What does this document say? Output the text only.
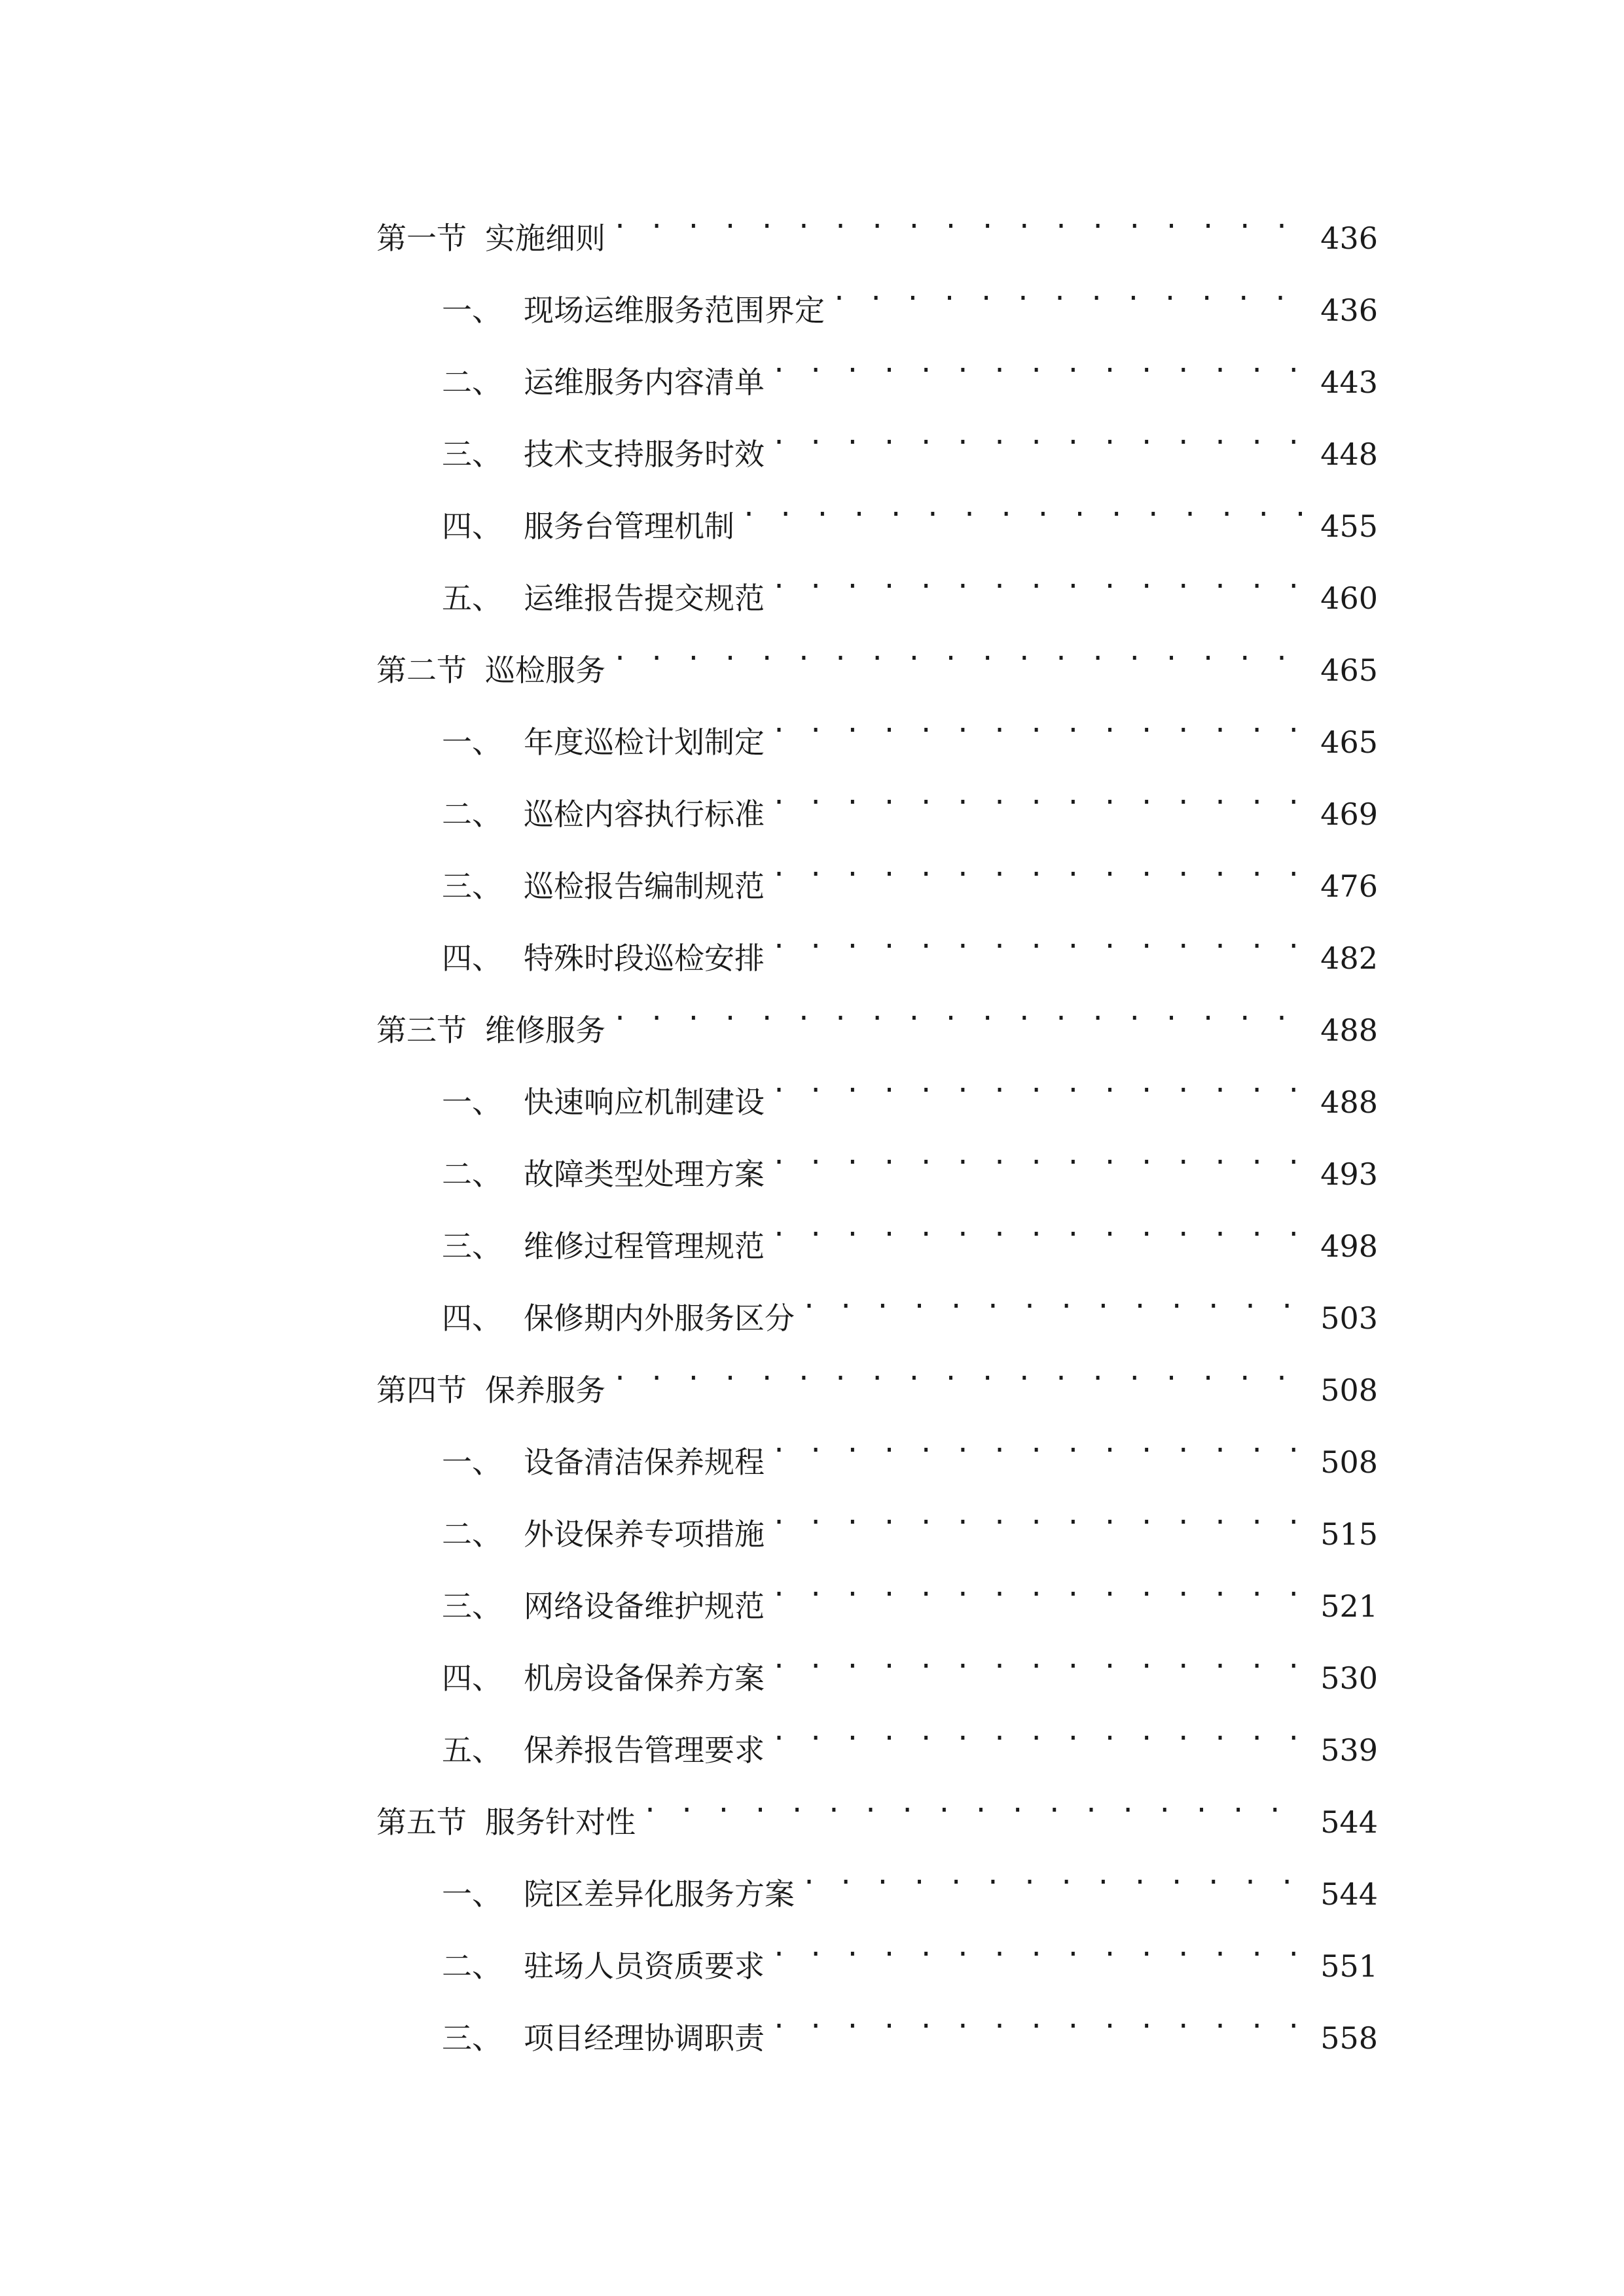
第一节 实施细则 . . .	436
一、 现场运维服务范围界定 . . .	436
二、 运维服务内容清单 . . .	443
三、 技术支持服务时效 . . .	448
四、 服务台管理机制 . . .	455
五、 运维报告提交规范 . . .	460
第二节 巡检服务 . . .	465
一、 年度巡检计划制定 . . .	465
二、 巡检内容执行标准 . . .	469
三、 巡检报告编制规范 . . .	476
四、 特殊时段巡检安排 . . .	482
第三节 维修服务 . . .	488
一、 快速响应机制建设 . . .	488
二、 故障类型处理方案 . . .	493
三、 维修过程管理规范 . . .	498
四、 保修期内外服务区分 . . .	503
第四节 保养服务 . . .	508
一、 设备清洁保养规程 . . .	508
二、 外设保养专项措施 . . .	515
三、 网络设备维护规范 . . .	521
四、 机房设备保养方案 . . .	530
五、 保养报告管理要求 . . .	539
第五节 服务针对性 . . .	544
一、 院区差异化服务方案 . . .	544
二、 驻场人员资质要求 . . .	551
三、 项目经理协调职责 . . .	558
